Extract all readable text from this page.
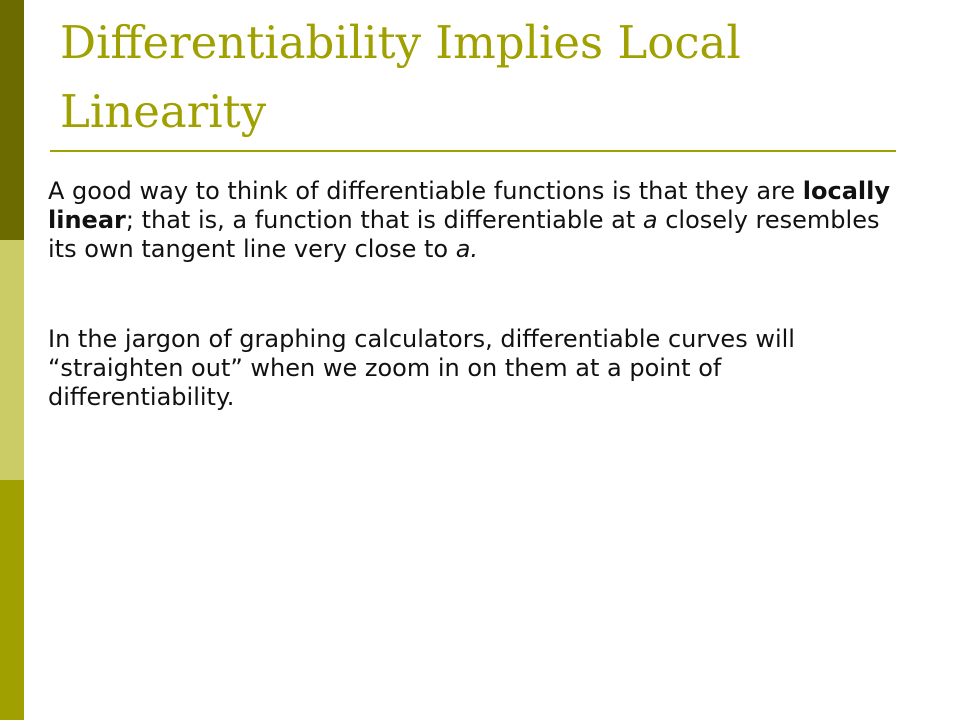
Differentiability Implies Local Linearity

A good way to think of differentiable functions is that they are locally linear; that is, a function that is differentiable at a closely resembles its own tangent line very close to a.

In the jargon of graphing calculators, differentiable curves will “straighten out” when we zoom in on them at a point of differentiability.
